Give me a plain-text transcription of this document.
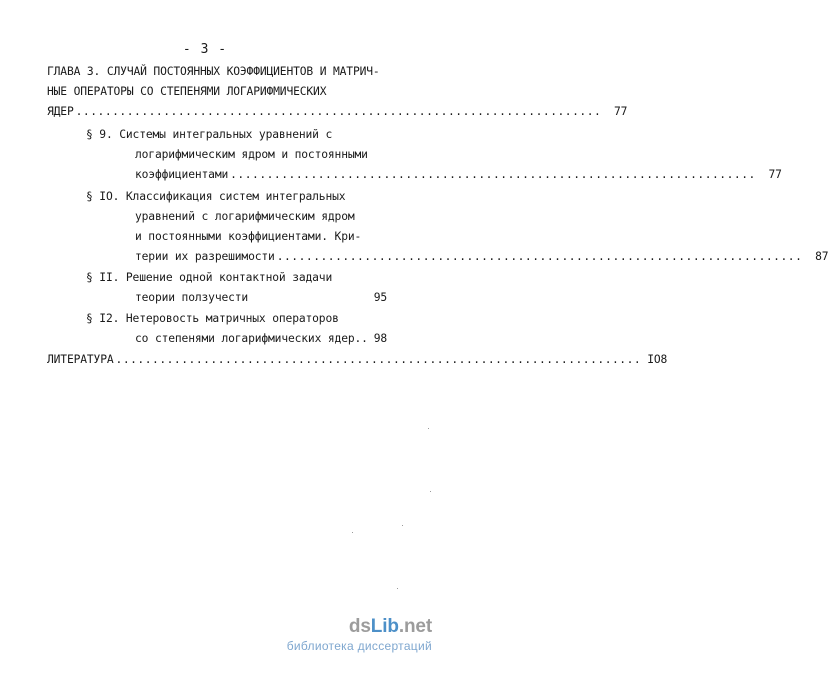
- 3 -
ГЛАВА 3. СЛУЧАЙ ПОСТОЯННЫХ КОЭФФИЦИЕНТОВ И МАТРИЧ-
НЫЕ ОПЕРАТОРЫ СО СТЕПЕНЯМИ ЛОГАРИФМИЧЕСКИХ
ЯДЕР ........................................................................	77
§ 9. Системы интегральных уравнений с
логарифмическим ядром и постоянными
коэффициентами ........................................................................	77
§ IO. Классификация систем интегральных
уравнений с логарифмическим ядром
и постоянными коэффициентами. Кри-
терии их разрешимости ........................................................................	87
§ II. Решение одной контактной задачи
теории ползучести	95
§ I2. Нетеровость матричных операторов
со степенями логарифмических ядер.. 98
ЛИТЕРАТУРА ........................................................................ IO8
dsLib.net
библиотека диссертаций
